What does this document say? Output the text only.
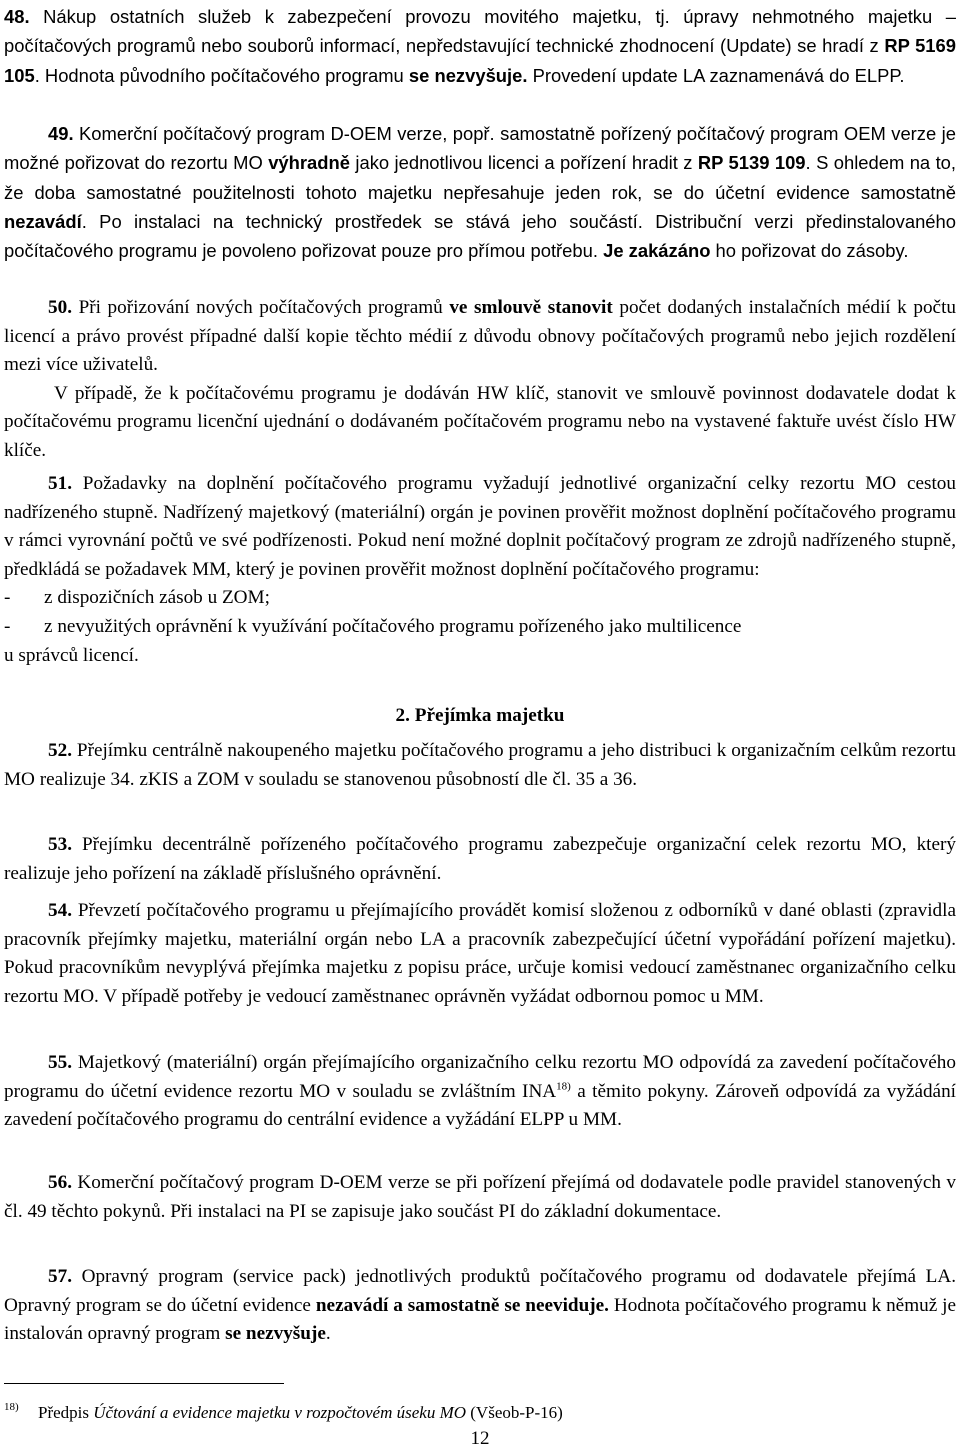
48. Nákup ostatních služeb k zabezpečení provozu movitého majetku, tj. úpravy nehmotného majetku – počítačových programů nebo souborů informací, nepředstavující technické zhodnocení (Update) se hradí z RP 5169 105. Hodnota původního počítačového programu se nezvyšuje. Provedení update LA zaznamenává do ELPP.

49. Komerční počítačový program D-OEM verze, popř. samostatně pořízený počítačový program OEM verze je možné pořizovat do rezortu MO výhradně jako jednotlivou licenci a pořízení hradit z RP 5139 109. S ohledem na to, že doba samostatné použitelnosti tohoto majetku nepřesahuje jeden rok, se do účetní evidence samostatně nezavádí. Po instalaci na technický prostředek se stává jeho součástí. Distribuční verzi předinstalovaného počítačového programu je povoleno pořizovat pouze pro přímou potřebu. Je zakázáno ho pořizovat do zásoby.

50. Při pořizování nových počítačových programů ve smlouvě stanovit počet dodaných instalačních médií k počtu licencí a právo provést případné další kopie těchto médií z důvodu obnovy počítačových programů nebo jejich rozdělení mezi více uživatelů.

V případě, že k počítačovému programu je dodáván HW klíč, stanovit ve smlouvě povinnost dodavatele dodat k počítačovému programu licenční ujednání o dodávaném počítačovém programu nebo na vystavené faktuře uvést číslo HW klíče.

51. Požadavky na doplnění počítačového programu vyžadují jednotlivé organizační celky rezortu MO cestou nadřízeného stupně. Nadřízený majetkový (materiální) orgán je povinen prověřit možnost doplnění počítačového programu v rámci vyrovnání počtů ve své podřízenosti. Pokud není možné doplnit počítačový program ze zdrojů nadřízeného stupně, předkládá se požadavek MM, který je povinen prověřit možnost doplnění počítačového programu:

-	z dispozičních zásob u ZOM;
-	z nevyužitých oprávnění k využívání počítačového programu pořízeného jako multilicence

u správců licencí.

2. Přejímka majetku

52. Přejímku centrálně nakoupeného majetku počítačového programu a jeho distribuci k organizačním celkům rezortu MO realizuje 34. zKIS a ZOM v souladu se stanovenou působností dle čl. 35 a 36.

53. Přejímku decentrálně pořízeného počítačového programu zabezpečuje organizační celek rezortu MO, který realizuje jeho pořízení na základě příslušného oprávnění.

54. Převzetí počítačového programu u přejímajícího provádět komisí složenou z odborníků v dané oblasti (zpravidla pracovník přejímky majetku, materiální orgán nebo LA a pracovník zabezpečující účetní vypořádání pořízení majetku). Pokud pracovníkům nevyplývá přejímka majetku z popisu práce, určuje komisi vedoucí zaměstnanec organizačního celku rezortu MO. V případě potřeby je vedoucí zaměstnanec oprávněn vyžádat odbornou pomoc u MM.

55. Majetkový (materiální) orgán přejímajícího organizačního celku rezortu MO odpovídá za zavedení počítačového programu do účetní evidence rezortu MO v souladu se zvláštním INA$^{18)}$ a těmito pokyny. Zároveň odpovídá za vyžádání zavedení počítačového programu do centrální evidence a vyžádání ELPP u MM.

56. Komerční počítačový program D-OEM verze se při pořízení přejímá od dodavatele podle pravidel stanovených v čl. 49 těchto pokynů. Při instalaci na PI se zapisuje jako součást PI do základní dokumentace.

57. Opravný program (service pack) jednotlivých produktů počítačového programu od dodavatele přejímá LA. Opravný program se do účetní evidence nezavádí a samostatně se neeviduje. Hodnota počítačového programu k němuž je instalován opravný program se nezvyšuje.

18) Předpis Účtování a evidence majetku v rozpočtovém úseku MO (Všeob-P-16)
12
